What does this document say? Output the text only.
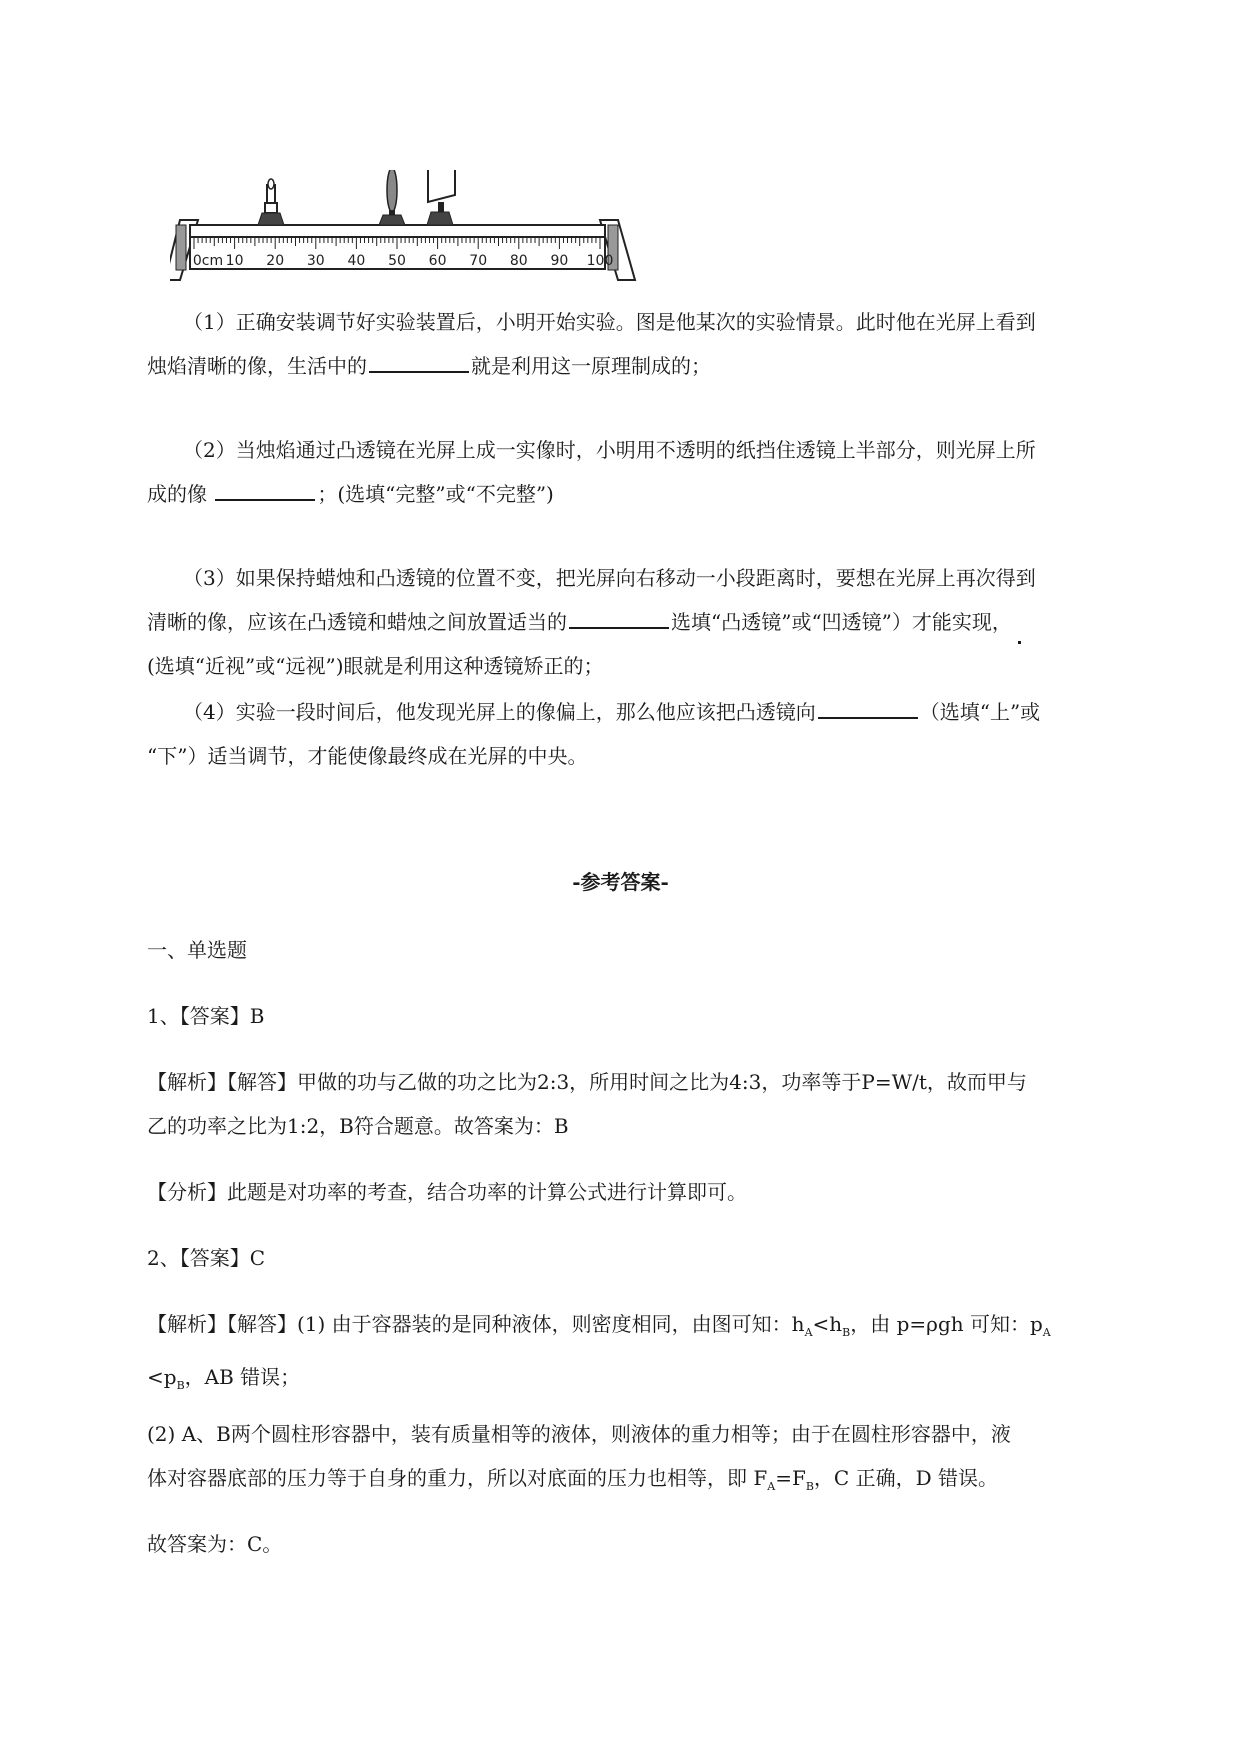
0cm 10 20 30 40 50 60 70 80 90 100
（1）正确安装调节好实验装置后，小明开始实验。图是他某次的实验情景。此时他在光屏上看到
烛焰清晰的像，生活中的	就是利用这一原理制成的；
（2）当烛焰通过凸透镜在光屏上成一实像时，小明用不透明的纸挡住透镜上半部分，则光屏上所
成的像	；(选填“完整”或“不完整”)
（3）如果保持蜡烛和凸透镜的位置不变，把光屏向右移动一小段距离时，要想在光屏上再次得到
清晰的像，应该在凸透镜和蜡烛之间放置适当的	选填“凸透镜”或“凹透镜”）才能实现，
(选填“近视”或“远视”)眼就是利用这种透镜矫正的；
（4）实验一段时间后，他发现光屏上的像偏上，那么他应该把凸透镜向	（选填“上”或
“下”）适当调节，才能使像最终成在光屏的中央。
-参考答案-
一、单选题
1、【答案】B
【解析】【解答】甲做的功与乙做的功之比为2:3，所用时间之比为4:3，功率等于P=W/t，故而甲与
乙的功率之比为1:2，B符合题意。故答案为：B
【分析】此题是对功率的考查，结合功率的计算公式进行计算即可。
2、【答案】C
【解析】【解答】(1) 由于容器装的是同种液体，则密度相同，由图可知：$h_A<h_B$，由 p=ρgh 可知：$p_A$
$<p_B$，AB 错误；
(2) A、B两个圆柱形容器中，装有质量相等的液体，则液体的重力相等；由于在圆柱形容器中，液
体对容器底部的压力等于自身的重力，所以对底面的压力也相等，即 $F_A=F_B$，C 正确，D 错误。
故答案为：C。
